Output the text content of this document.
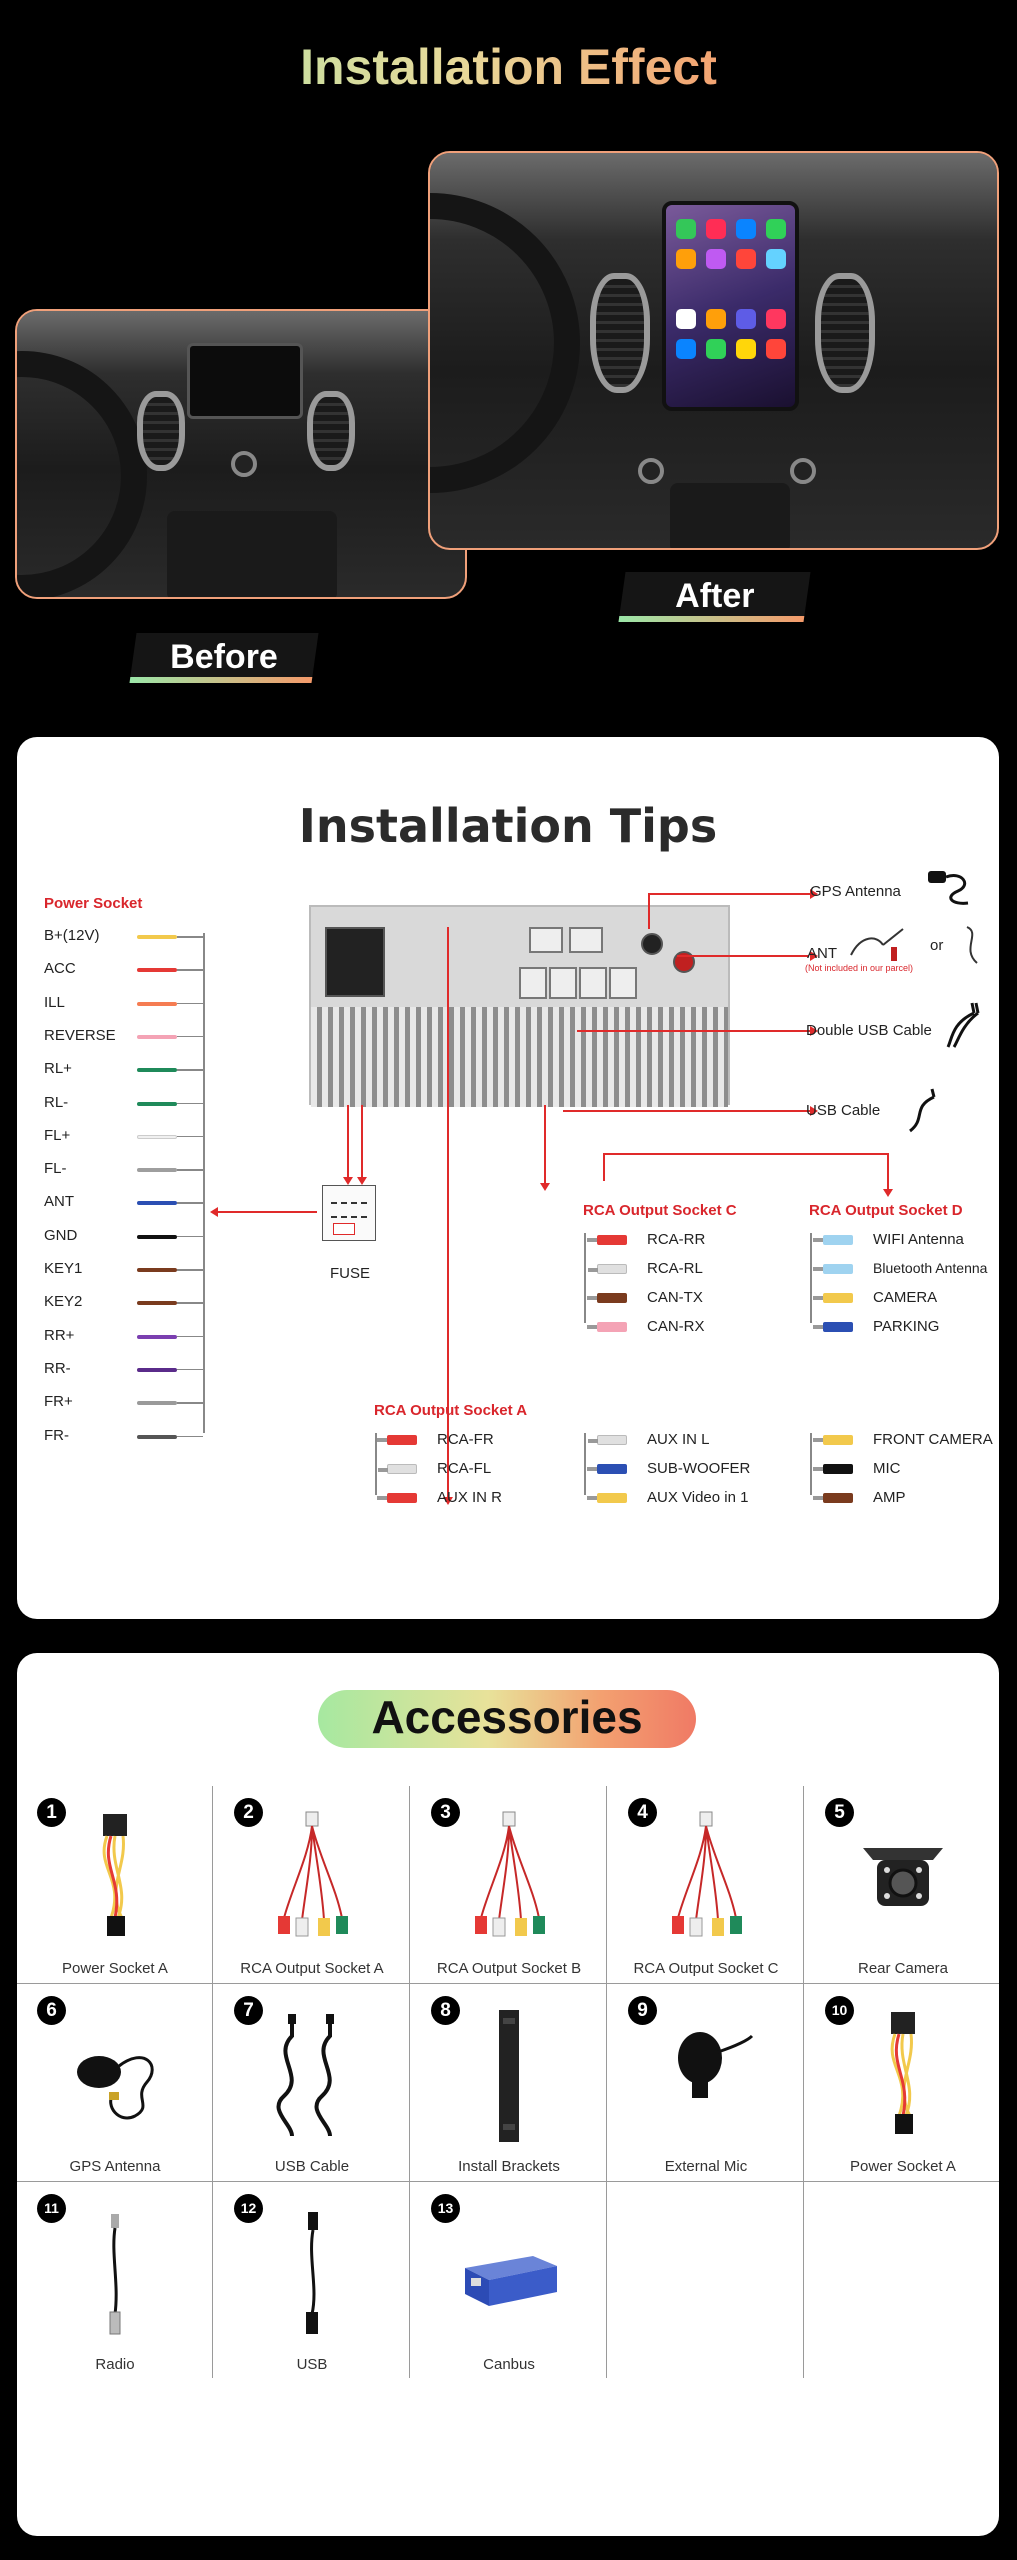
Installation Effect
After
Before
Installation Tips
Power Socket
B+(12V)
ACC
ILL
REVERSE
RL+
RL-
FL+
FL-
ANT
GND
KEY1
KEY2
RR+
RR-
FR+
FR-
FUSE
GPS Antenna
ANT
(Not included in our parcel)
or
Double USB Cable
USB Cable
RCA Output Socket C
RCA-RR
RCA-RL
CAN-TX
CAN-RX
RCA Output Socket D
WIFI Antenna
Bluetooth Antenna
CAMERA
PARKING
RCA Output Socket A
RCA-FR
RCA-FL
AUX IN R
AUX IN L
SUB-WOOFER
AUX Video in 1
FRONT CAMERA
MIC
AMP
Accessories
1
Power Socket A
2
RCA Output Socket A
3
RCA Output Socket B
4
RCA Output Socket C
5
Rear Camera
6
GPS Antenna
7
USB Cable
8
Install Brackets
9
External Mic
10
Power Socket A
11
Radio
12
USB
13
Canbus
